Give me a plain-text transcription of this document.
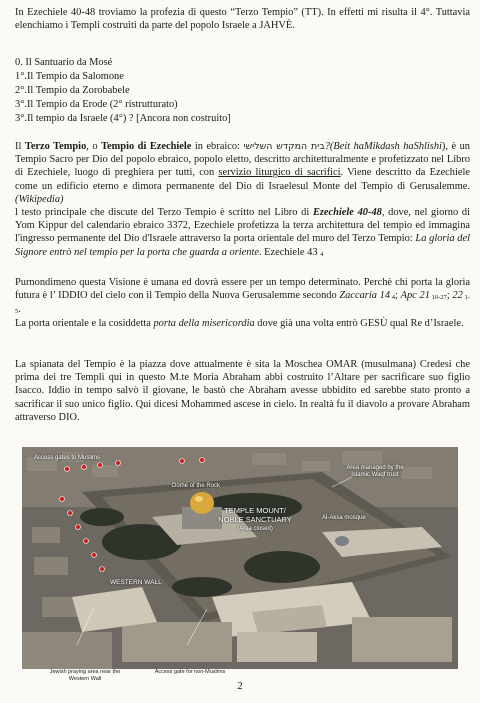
In Ezechiele 40-48 troviamo la profezia di questo “Terzo Tempio” (TT). In effetti mi risulta il 4°. Tuttavia elenchiamo i Templi costruiti da parte del popolo Israele a JAHVÈ.
0. Il Santuario da Mosé
1°.Il Tempio da Salomone
2°.Il Tempio da Zorobabele
3°.Il Tempio da Erode (2° ristrutturato)
3°.Il tempio da Israele (4°) ? [Ancora non costruito]
Il Terzo Tempio, o Tempio di Ezechiele in ebraico: בית המקדש השלישי?(Beit haMikdash haShlishi), è un Tempio Sacro per Dio del popolo ebraico, popolo eletto, descritto architetturalmente e profetizzato nel Libro di Ezechiele, luogo di preghiera per tutti, con servizio liturgico di sacrifici. Viene descritto da Ezechiele come un edificio eterno e dimora permanente del Dio di Israelesul Monte del Tempio di Gerusalemme. (Wikipedia)
l testo principale che discute del Terzo Tempio è scritto nel Libro di Ezechiele 40-48, dove, nel giorno di Yom Kippur del calendario ebraico 3372, Ezechiele profetizza la terza architettura del tempio ed immagina l'ingresso permanente del Dio d'Israele attraverso la porta orientale del muro del Terzo Tempio: La gloria del Signore entrò nel tempio per la porta che guarda a oriente. Ezechiele 43 4
Purnondimeno questa Visione è umana ed dovrà essere per un tempo determinato. Perchè chi porta la gloria futura è l’ IDDIO del cielo con il Tempio della Nuova Gerusalemme secondo Zaccaria 14 4; Apc 21 10-27; 22 1-5.
La porta orientale e la cosiddetta porta della misericordia dove già una volta entrò GESÙ qual Re d’Israele.
La spianata del Tempio è la piazza dove attualmente è sita la Moschea OMAR (musulmana) Credesi che prima dei tre Templi qui in questo M.te Moria Abraham abbi costruito l’Altare per sacrificare suo figlio Isacco. Iddio in tempo salvò il giovane, le bastò che Abraham avesse ubbidito ed sarebbe stato pronto a sacrificar il suo unico figlio. Qui dicesi Mohammed ascese in cielo. In realtà fu il diavolo a provare Abraham attraverso DIO.
Access gates to Muslims
Area managed by the Islamic Waqf trust
Dome of the Rock
TEMPLE MOUNT/
NOBLE SANCTUARY
(Area closed)
Al-Aksa mosque
WESTERN WALL
Jewish praying area near the Western Wall
Access gate for non-Muslims
2
